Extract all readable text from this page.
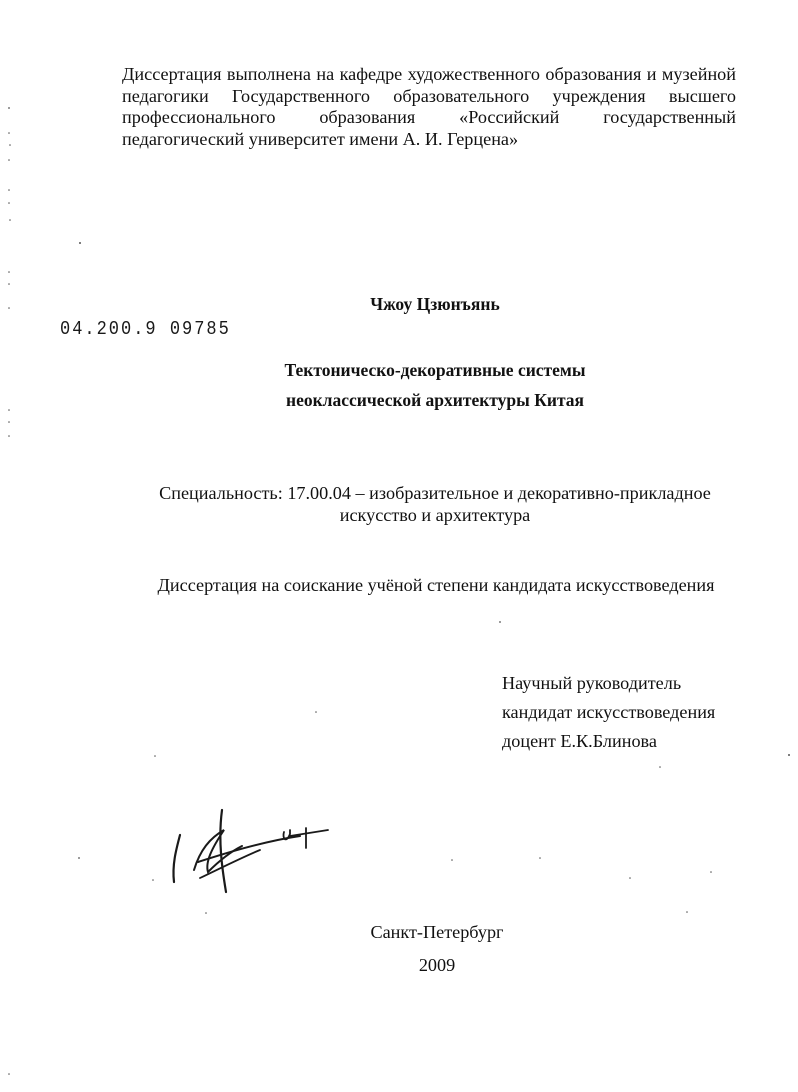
Диссертация выполнена на кафедре художественного образования и музейной педагогики Государственного образовательного учреждения высшего профессионального образования «Российский государственный педагогический университет имени А. И. Герцена»

04.200.9 09785

Чжоу Цзюнъянь

Тектоническо-декоративные системы
неоклассической архитектуры Китая
Специальность: 17.00.04 – изобразительное и декоративно-прикладное
искусство и архитектура

Диссертация на соискание учёной степени кандидата искусствоведения

Научный руководитель
кандидат искусствоведения
доцент Е.К.Блинова

Санкт-Петербург

2009
